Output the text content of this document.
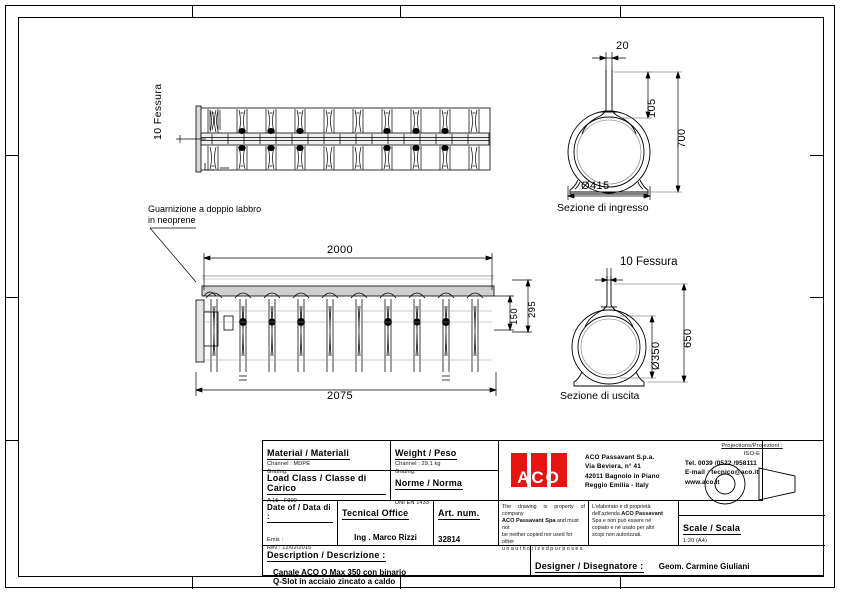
10 Fessura
2000
2075
150 295
Guarnizione a doppio labbro
in neoprene
20
105
700
Ø415
Sezione di ingresso
10 Fessura
Ø350
650
Sezione di uscita
Material / Materiali
Channel : MDPE
Grating:
Weight / Peso
Channel : 29.1 kg
Grating:
Load Class / Classe di Carico
A 15 - F900
Norme / Norma
UNI EN 1433
Date of / Data di :
Emis :
Rev : 12/02/2015
Tecnical Office
Ing . Marco Rizzi
Art. num.
32814
Description / Descrizione :
Canale ACO Q Max 350 con binario
Q-Slot in acciaio zincato a caldo
ACO
ACO Passavant S.p.a.
Via Beviera, n° 41
42011 Bagnolo in Piano
Reggio Emilia - Italy
Tel. 0039 /0522 /958111
E-mail : tecnico@aco.it
www.aco.it
The drawing is property of company
ACO Passavant Spa and must not
be neither copied nor used for other
u n a u t h o r i z e d p u r p o s e s.
L'elaborato è di proprietà
dell'azienda ACO Passavant
Spa e non può essere né
copiato e né usato per altri
scopi non autorizzati.
Projections/Proiezioni :
ISO-E
Scale / Scala
1:20 (A4)
Designer / Disegnatore : Geom. Carmine Giuliani
